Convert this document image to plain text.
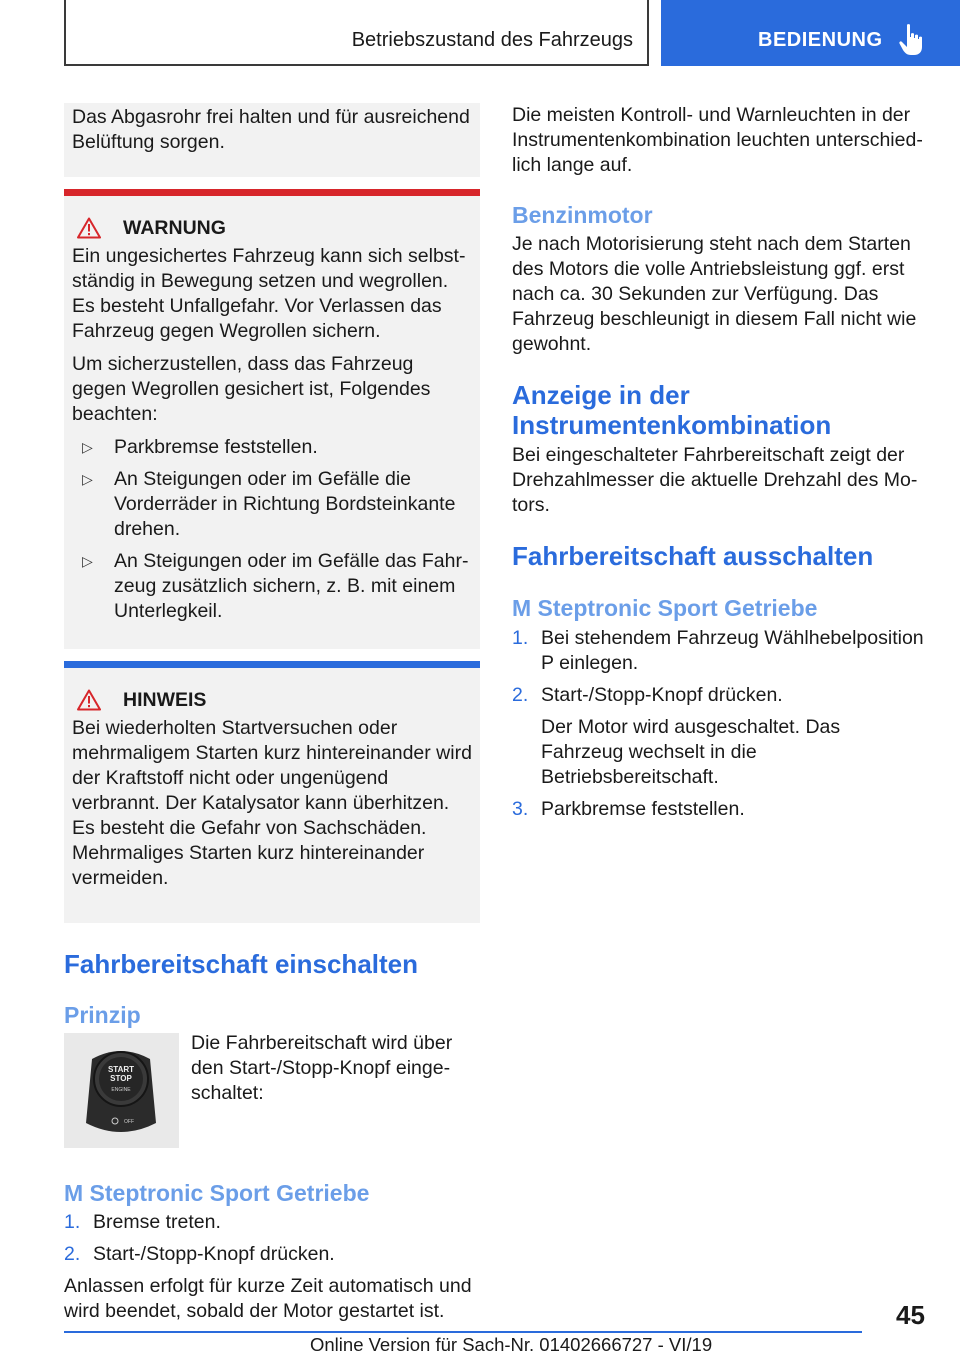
Betriebszustand des Fahrzeugs	BEDIENUNG

Das Abgasrohr frei halten und für ausreichend Belüftung sorgen.

WARNUNG

Ein ungesichertes Fahrzeug kann sich selbstständig in Bewegung setzen und wegrollen. Es besteht Unfallgefahr. Vor Verlassen das Fahrzeug gegen Wegrollen sichern.

Um sicherzustellen, dass das Fahrzeug gegen Wegrollen gesichert ist, Folgendes beachten:

▷ Parkbremse feststellen.
▷ An Steigungen oder im Gefälle die Vorderräder in Richtung Bordsteinkante drehen.
▷ An Steigungen oder im Gefälle das Fahrzeug zusätzlich sichern, z. B. mit einem Unterlegkeil.
HINWEIS

Bei wiederholten Startversuchen oder mehrmaligem Starten kurz hintereinander wird der Kraftstoff nicht oder ungenügend verbrannt. Der Katalysator kann überhitzen. Es besteht die Gefahr von Sachschäden. Mehrmaliges Starten kurz hintereinander vermeiden.

Fahrbereitschaft einschalten
Prinzip
START
STOP
ENGINE
OFF

Die Fahrbereitschaft wird über den Start-/Stopp-Knopf eingeschaltet:

M Steptronic Sport Getriebe
1. Bremse treten.
2. Start-/Stopp-Knopf drücken.

Anlassen erfolgt für kurze Zeit automatisch und wird beendet, sobald der Motor gestartet ist.

Die meisten Kontroll- und Warnleuchten in der Instrumentenkombination leuchten unterschiedlich lange auf.

Benzinmotor

Je nach Motorisierung steht nach dem Starten des Motors die volle Antriebsleistung ggf. erst nach ca. 30 Sekunden zur Verfügung. Das Fahrzeug beschleunigt in diesem Fall nicht wie gewohnt.

Anzeige in der Instrumentenkombination

Bei eingeschalteter Fahrbereitschaft zeigt der Drehzahlmesser die aktuelle Drehzahl des Motors.

Fahrbereitschaft ausschalten
M Steptronic Sport Getriebe
1. Bei stehendem Fahrzeug Wählhebelposition P einlegen.
2. Start-/Stopp-Knopf drücken.
Der Motor wird ausgeschaltet. Das Fahrzeug wechselt in die Betriebsbereitschaft.
3. Parkbremse feststellen.
45
Online Version für Sach-Nr. 01402666727 - VI/19
